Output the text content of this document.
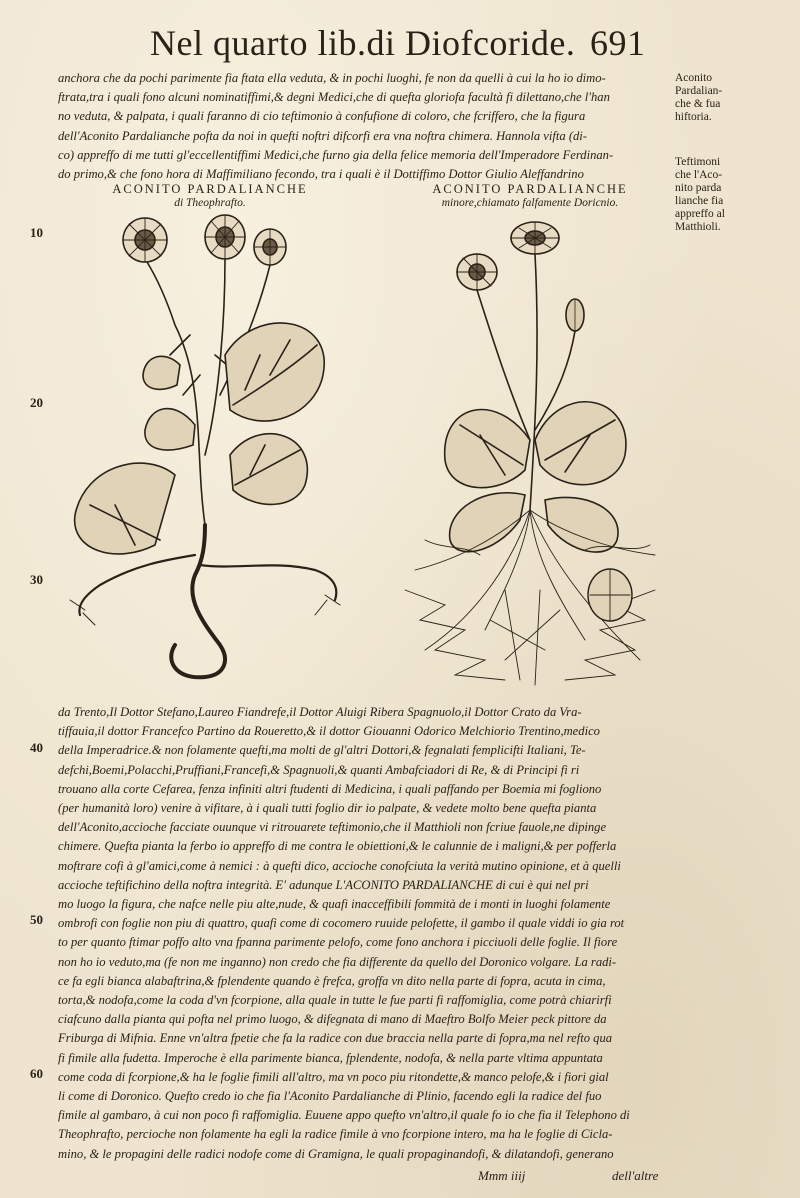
Nel quarto lib.di Diofcoride. 691
anchora che da pochi parimente fia ftata ella veduta, & in pochi luoghi, fe non da quelli à cui la ho io dimo-
ftrata,tra i quali fono alcuni nominatiffimi,& degni Medici,che di quefta gloriofa facultà fi dilettano,che l'han
no veduta, & palpata, i quali faranno di cio teftimonio à confufione di coloro, che fcriffero, che la figura
dell'Aconito Pardalianche pofta da noi in quefti noftri difcorfi era vna noftra chimera. Hannola vifta (di-
co) appreffo di me tutti gl'eccellentiffimi Medici,che furno gia della felice memoria dell'Imperadore Ferdinan-
do primo,& che fono hora di Maffimiliano fecondo, tra i quali è il Dottiffimo Dottor Giulio Aleffandrino
Aconito
Pardalian-
che & fua
hiftoria.
Teftimoni
che l'Aco-
nito parda
lianche fia
appreffo al
Matthioli.
ACONITO PARDALIANCHE
di Theophrafto.
ACONITO PARDALIANCHE
minore,chiamato falfamente Doricnio.
10
20
30
40
50
60
da Trento,Il Dottor Stefano,Laureo Fiandrefe,il Dottor Aluigi Ribera Spagnuolo,il Dottor Crato da Vra-
tiffauia,il dottor Francefco Partino da Roueretto,& il dottor Giouanni Odorico Melchiorio Trentino,medico
della Imperadrice.& non folamente quefti,ma molti de gl'altri Dottori,& fegnalati femplicifti Italiani, Te-
defchi,Boemi,Polacchi,Pruffiani,Francefi,& Spagnuoli,& quanti Ambafciadori di Re, & di Principi fi ri
trouano alla corte Cefarea, fenza infiniti altri ftudenti di Medicina, i quali paffando per Boemia mi fogliono
(per humanità loro) venire à vifitare, à i quali tutti foglio dir io palpate, & vedete molto bene quefta pianta
dell'Aconito,accioche facciate ouunque vi ritrouarete teftimonio,che il Matthioli non fcriue fauole,ne dipinge
chimere. Quefta pianta la ferbo io appreffo di me contra le obiettioni,& le calunnie de i maligni,& per pofferla
moftrare cofi à gl'amici,come à nemici : à quefti dico, accioche conofciuta la verità mutino opinione, et à quelli
accioche teftifichino della noftra integrità. E' adunque L'ACONITO PARDALIANCHE di cui è qui nel pri
mo luogo la figura, che nafce nelle piu alte,nude, & quafi inacceffibili fommità de i monti in luoghi folamente
ombrofi con foglie non piu di quattro, quafi come di cocomero ruuide pelofette, il gambo il quale viddi io gia rot
to per quanto ftimar poffo alto vna fpanna parimente pelofo, come fono anchora i picciuoli delle foglie. Il fiore
non ho io veduto,ma (fe non me inganno) non credo che fia differente da quello del Doronico volgare. La radi-
ce fa egli bianca alabaftrina,& fplendente quando è frefca, groffa vn dito nella parte di fopra, acuta in cima,
torta,& nodofa,come la coda d'vn fcorpione, alla quale in tutte le fue parti fi raffomiglia, come potrà chiarirfi
ciafcuno dalla pianta qui pofta nel primo luogo, & difegnata di mano di Maeftro Bolfo Meier peck pittore da
Friburga di Mifnia. Enne vn'altra fpetie che fa la radice con due braccia nella parte di fopra,ma nel refto qua
fi fimile alla fudetta. Imperoche è ella parimente bianca, fplendente, nodofa, & nella parte vltima appuntata
come coda di fcorpione,& ha le foglie fimili all'altro, ma vn poco piu ritondette,& manco pelofe,& i fiori gial
li come di Doronico. Quefto credo io che fia l'Aconito Pardalianche di Plinio, facendo egli la radice del fuo
fimile al gambaro, à cui non poco fi raffomiglia. Euuene appo quefto vn'altro,il quale fo io che fia il Telephono di
Theophrafto, percioche non folamente ha egli la radice fimile à vno fcorpione intero, ma ha le foglie di Cicla-
mino, & le propagini delle radici nodofe come di Gramigna, le quali propaginandofi, & dilatandofi, generano
Mmm iiij	dell'altre
